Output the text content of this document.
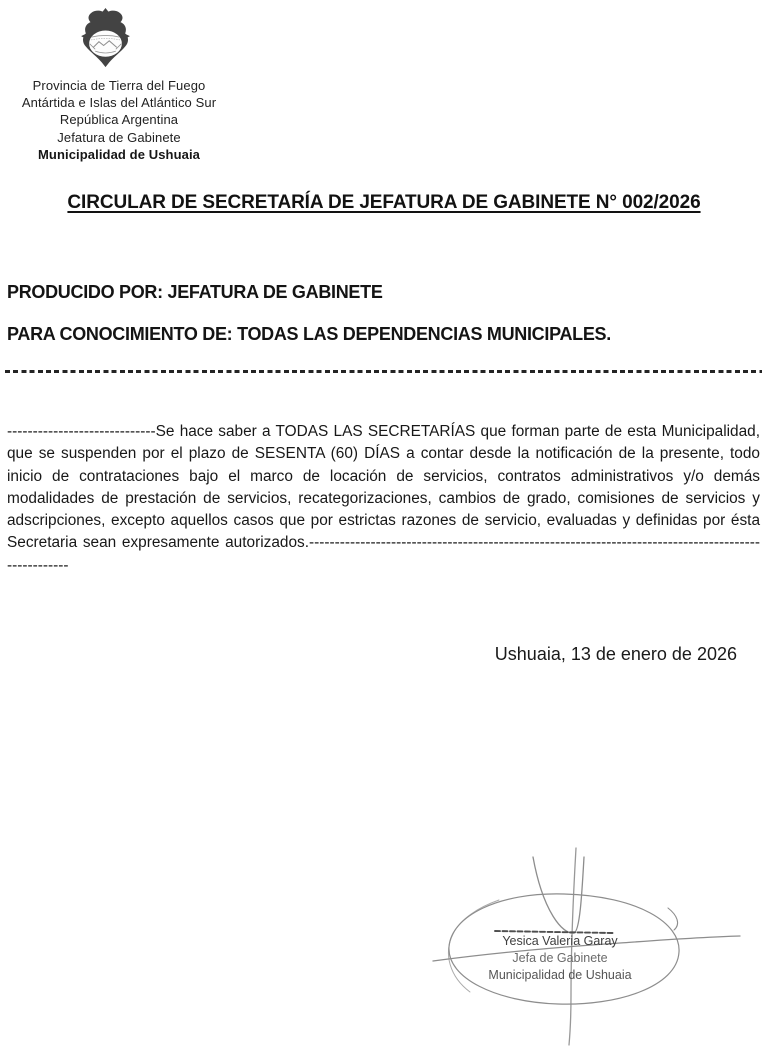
Provincia de Tierra del Fuego
Antártida e Islas del Atlántico Sur
República Argentina
Jefatura de Gabinete
Municipalidad de Ushuaia
CIRCULAR DE SECRETARÍA DE JEFATURA DE GABINETE N° 002/2026
PRODUCIDO POR: JEFATURA DE GABINETE
PARA CONOCIMIENTO DE: TODAS LAS DEPENDENCIAS MUNICIPALES.

-----------------------------Se hace saber a TODAS LAS SECRETARÍAS que forman parte de esta Municipalidad, que se suspenden por el plazo de SESENTA (60) DÍAS a contar desde la notificación de la presente, todo inicio de contrataciones bajo el marco de locación de servicios, contratos administrativos y/o demás modalidades de prestación de servicios, recategorizaciones, cambios de grado, comisiones de servicios y adscripciones, excepto aquellos casos que por estrictas razones de servicio, evaluadas y definidas por ésta Secretaria sean expresamente autorizados.----------------------------------------------------------------------------------------------------

Ushuaia, 13 de enero de 2026
Yesica Valeria Garay
Jefa de Gabinete
Municipalidad de Ushuaia
